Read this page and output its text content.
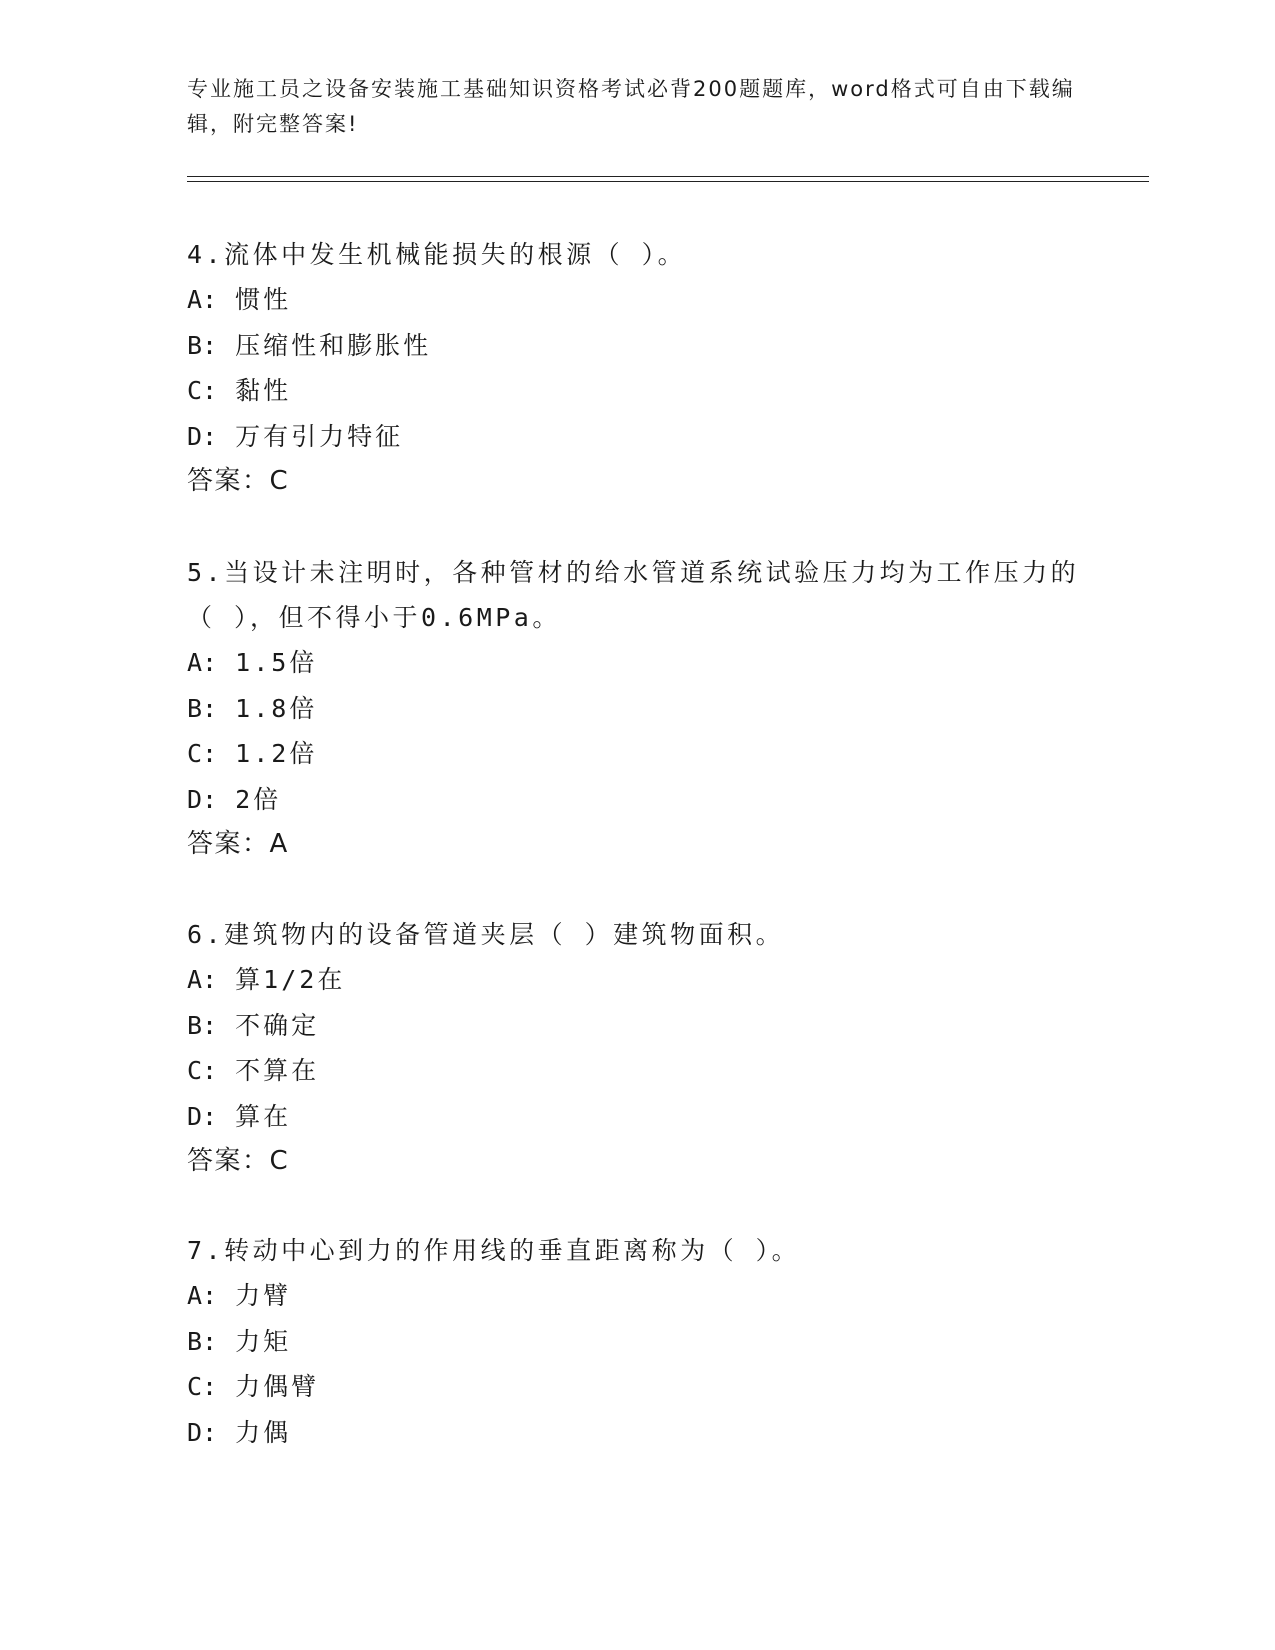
专业施工员之设备安装施工基础知识资格考试必背200题题库，word格式可自由下载编辑，附完整答案!
4.流体中发生机械能损失的根源（ ）。
A: 惯性
B: 压缩性和膨胀性
C: 黏性
D: 万有引力特征
答案：C
5.当设计未注明时，各种管材的给水管道系统试验压力均为工作压力的（ ），但不得小于0.6MPa。
A: 1.5倍
B: 1.8倍
C: 1.2倍
D: 2倍
答案：A
6.建筑物内的设备管道夹层（ ）建筑物面积。
A: 算1/2在
B: 不确定
C: 不算在
D: 算在
答案：C
7.转动中心到力的作用线的垂直距离称为（ ）。
A: 力臂
B: 力矩
C: 力偶臂
D: 力偶
